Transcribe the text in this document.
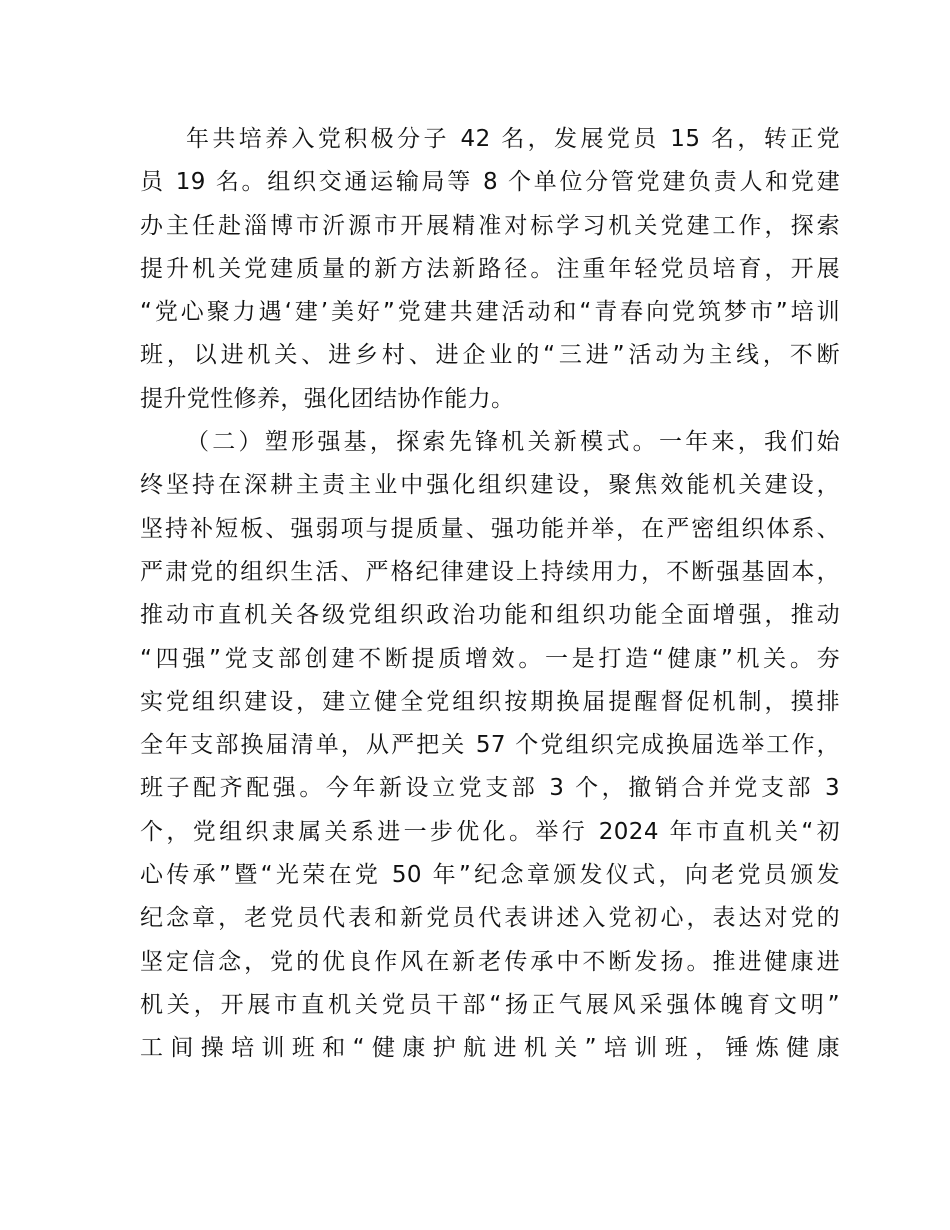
年共培养入党积极分子 42 名，发展党员 15 名，转正党
员 19 名。组织交通运输局等 8 个单位分管党建负责人和党建
办主任赴淄博市沂源市开展精准对标学习机关党建工作，探索
提升机关党建质量的新方法新路径。注重年轻党员培育，开展
“党心聚力遇‘建’美好”党建共建活动和“青春向党筑梦市”培训
班，以进机关、进乡村、进企业的“三进”活动为主线，不断
提升党性修养，强化团结协作能力。
（二）塑形强基，探索先锋机关新模式。一年来，我们始
终坚持在深耕主责主业中强化组织建设，聚焦效能机关建设，
坚持补短板、强弱项与提质量、强功能并举，在严密组织体系、
严肃党的组织生活、严格纪律建设上持续用力，不断强基固本，
推动市直机关各级党组织政治功能和组织功能全面增强，推动
“四强”党支部创建不断提质增效。一是打造“健康”机关。夯
实党组织建设，建立健全党组织按期换届提醒督促机制，摸排
全年支部换届清单，从严把关 57 个党组织完成换届选举工作，
班子配齐配强。今年新设立党支部 3 个，撤销合并党支部 3
个，党组织隶属关系进一步优化。举行 2024 年市直机关“初
心传承”暨“光荣在党 50 年”纪念章颁发仪式，向老党员颁发
纪念章，老党员代表和新党员代表讲述入党初心，表达对党的
坚定信念，党的优良作风在新老传承中不断发扬。推进健康进
机关，开展市直机关党员干部“扬正气展风采强体魄育文明”
工间操培训班和“健康护航进机关”培训班，锤炼健康
